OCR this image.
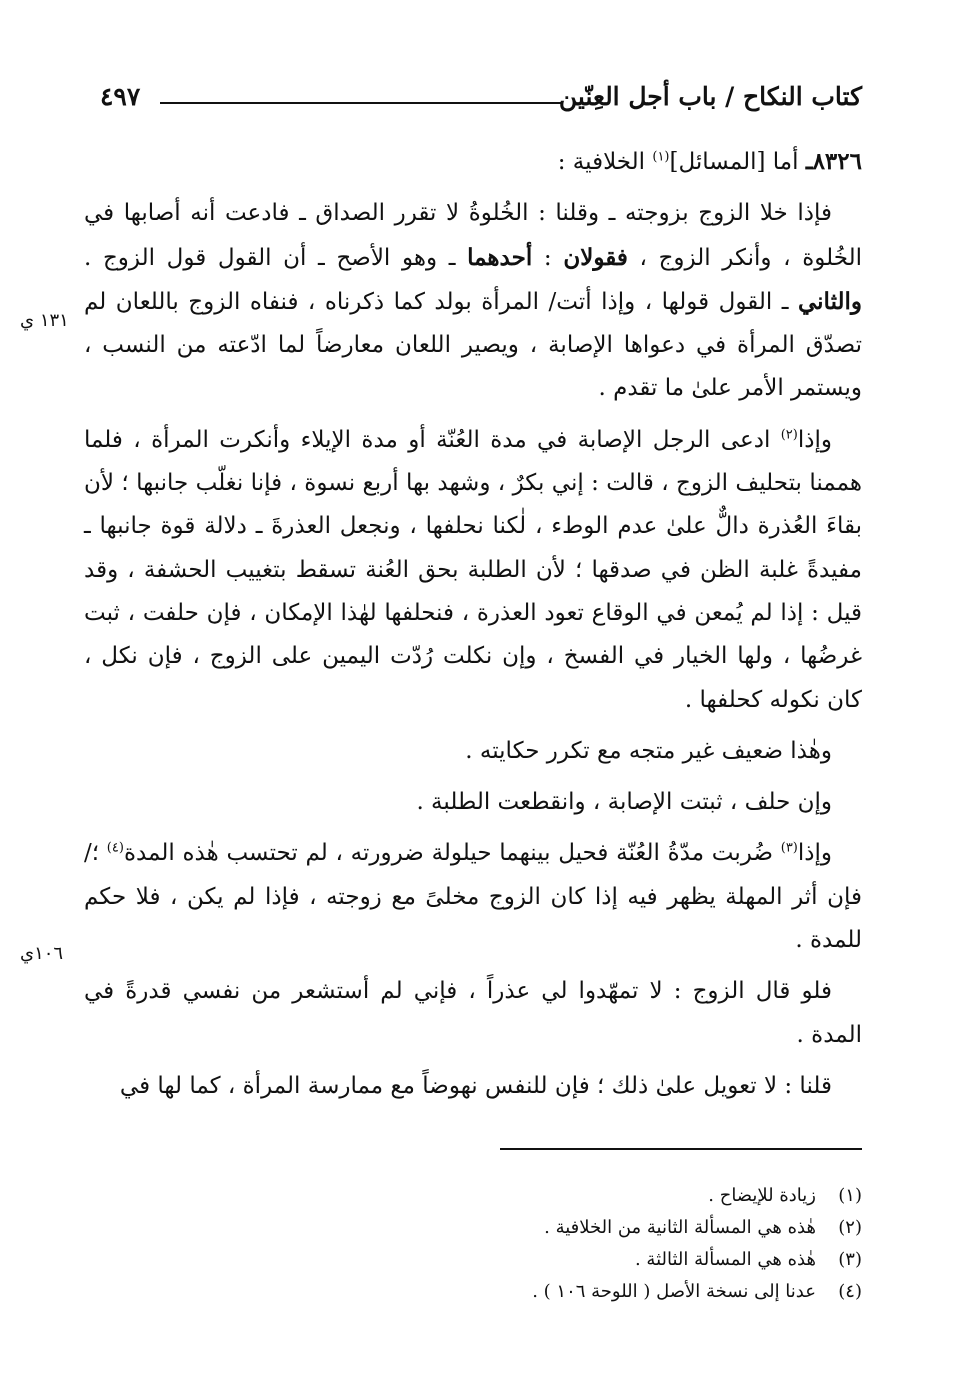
كتاب النكاح / باب أجل العِنّين
٤٩٧

٨٣٢٦ـ أما [المسائل]$^{(١)}$ الخلافية :

فإذا خلا الزوج بزوجته ـ وقلنا : الخُلوةُ لا تقرر الصداق ـ فادعت أنه أصابها في الخُلوة ، وأنكر الزوج ، فقولان : أحدهما ـ وهو الأصح ـ أن القول قول الزوج . والثاني ـ القول قولها ، وإذا أتت/ المرأة بولد كما ذكرناه ، فنفاه الزوج باللعان لم تصدّق المرأة في دعواها الإصابة ، ويصير اللعان معارضاً لما ادّعته من النسب ، ويستمر الأمر علىٰ ما تقدم .

وإذا$^{(٢)}$ ادعى الرجل الإصابة في مدة العُنّة أو مدة الإيلاء وأنكرت المرأة ، فلما هممنا بتحليف الزوج ، قالت : إني بكرٌ ، وشهد بها أربع نسوة ، فإنا نغلّب جانبها ؛ لأن بقاءَ العُذرة دالٌّ علىٰ عدم الوطء ، لٰكنا نحلفها ، ونجعل العذرةَ ـ دلالة قوة جانبها ـ مفيدةً غلبة الظن في صدقها ؛ لأن الطلبة بحق العُنة تسقط بتغييب الحشفة ، وقد قيل : إذا لم يُمعن في الوقاع تعود العذرة ، فنحلفها لهٰذا الإمكان ، فإن حلفت ، ثبت غرضُها ، ولها الخيار في الفسخ ، وإن نكلت رُدّت اليمين على الزوج ، فإن نكل ، كان نكوله كحلفها .

وهٰذا ضعيف غير متجه مع تكرر حكايته .

وإن حلف ، ثبتت الإصابة ، وانقطعت الطلبة .

وإذا$^{(٣)}$ ضُربت مدّةُ العُنّة فحيل بينهما حيلولة ضرورته ، لم تحتسب هٰذه المدة$^{(٤)}$ ؛/ فإن أثر المهلة يظهر فيه إذا كان الزوج مخلىً مع زوجته ، فإذا لم يكن ، فلا حكم للمدة .

فلو قال الزوج : لا تمهّدوا لي عذراً ، فإني لم أستشعر من نفسي قدرةً في المدة .

قلنا : لا تعويل علىٰ ذلك ؛ فإن للنفس نهوضاً مع ممارسة المرأة ، كما لها في

١٣١ ي
١٠٦ي
(١)
زيادة للإيضاح .
(٢)
هٰذه هي المسألة الثانية من الخلافية .
(٣)
هٰذه هي المسألة الثالثة .
(٤)
عدنا إلى نسخة الأصل ( اللوحة ١٠٦ ) .
